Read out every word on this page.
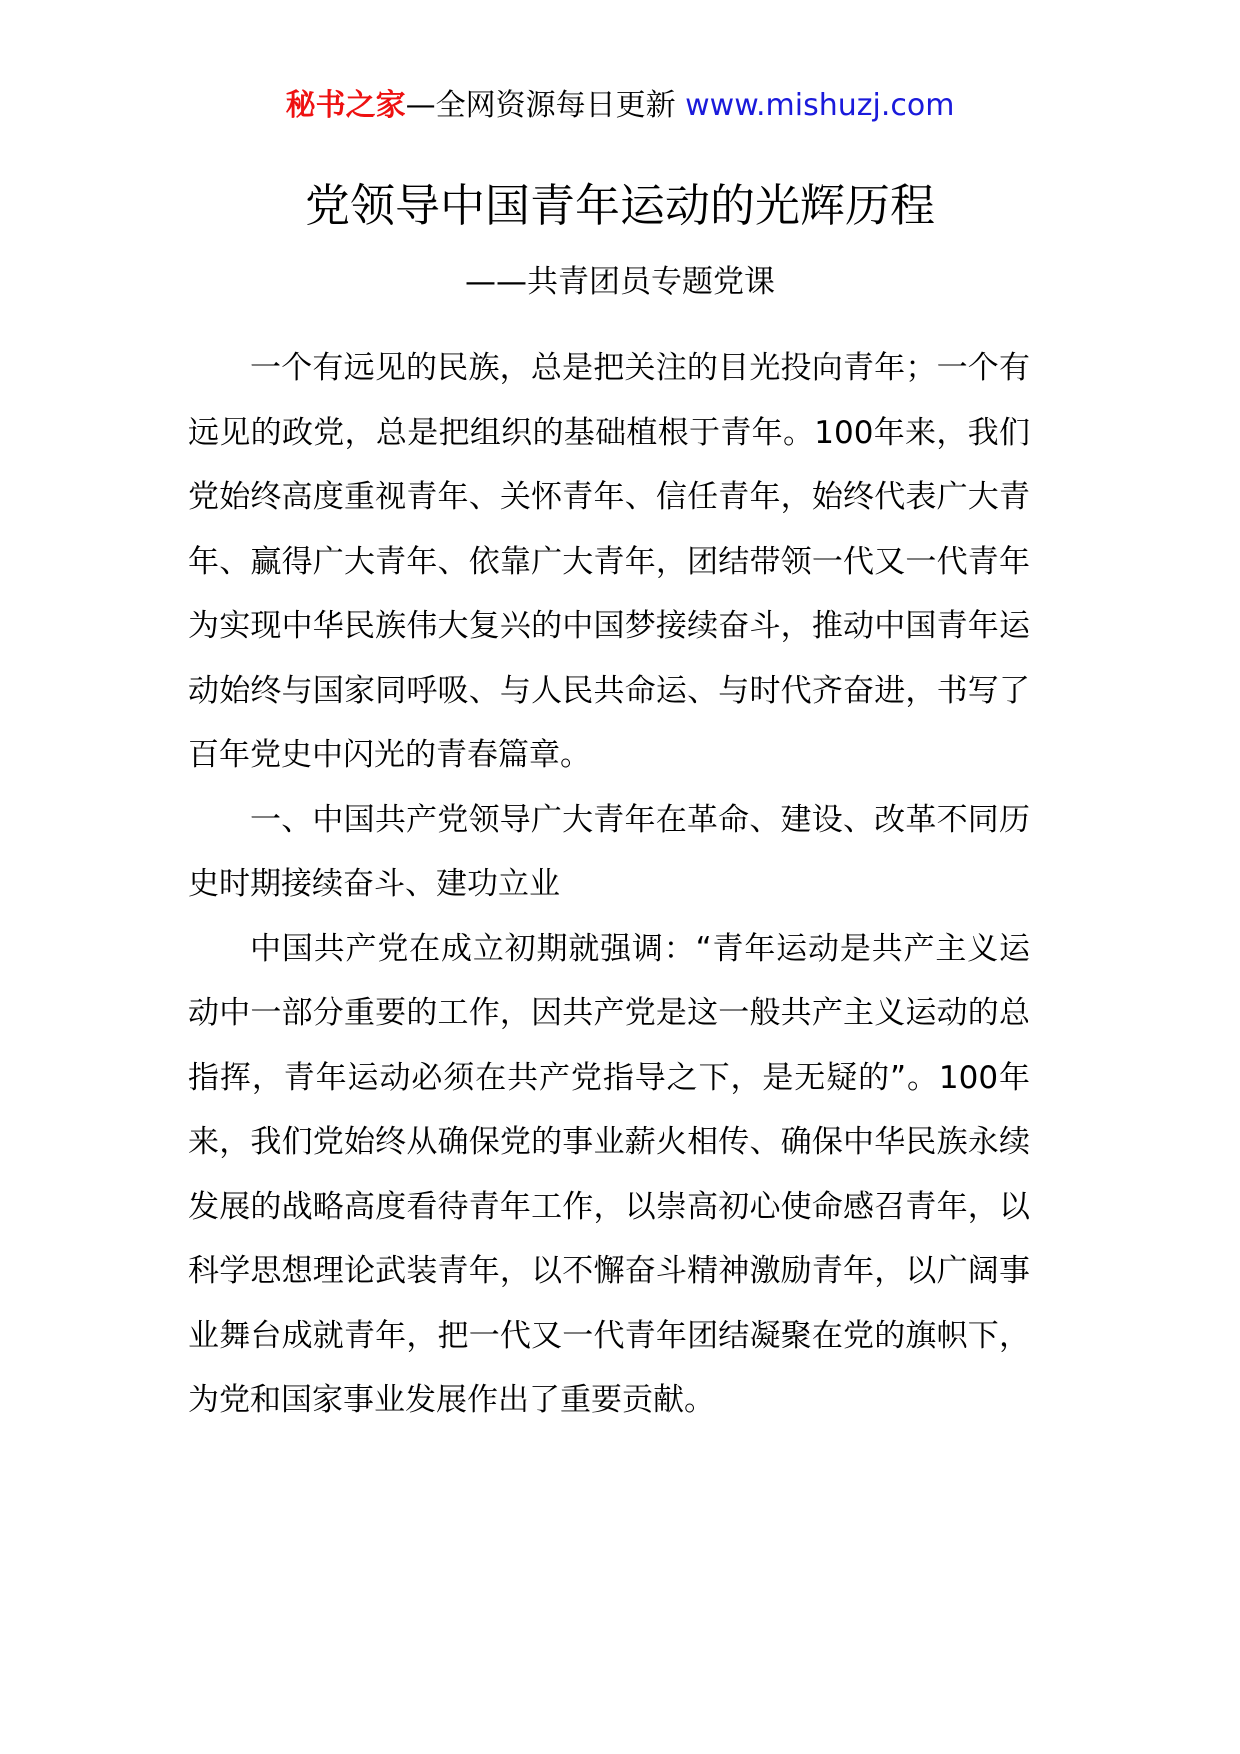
秘书之家—全网资源每日更新 www.mishuzj.com
党领导中国青年运动的光辉历程
——共青团员专题党课

一个有远见的民族，总是把关注的目光投向青年；一个有远见的政党，总是把组织的基础植根于青年。100年来，我们党始终高度重视青年、关怀青年、信任青年，始终代表广大青年、赢得广大青年、依靠广大青年，团结带领一代又一代青年为实现中华民族伟大复兴的中国梦接续奋斗，推动中国青年运动始终与国家同呼吸、与人民共命运、与时代齐奋进，书写了百年党史中闪光的青春篇章。

一、中国共产党领导广大青年在革命、建设、改革不同历史时期接续奋斗、建功立业

中国共产党在成立初期就强调：“青年运动是共产主义运动中一部分重要的工作，因共产党是这一般共产主义运动的总指挥，青年运动必须在共产党指导之下，是无疑的”。100年来，我们党始终从确保党的事业薪火相传、确保中华民族永续发展的战略高度看待青年工作，以崇高初心使命感召青年，以科学思想理论武装青年，以不懈奋斗精神激励青年，以广阔事业舞台成就青年，把一代又一代青年团结凝聚在党的旗帜下，为党和国家事业发展作出了重要贡献。
